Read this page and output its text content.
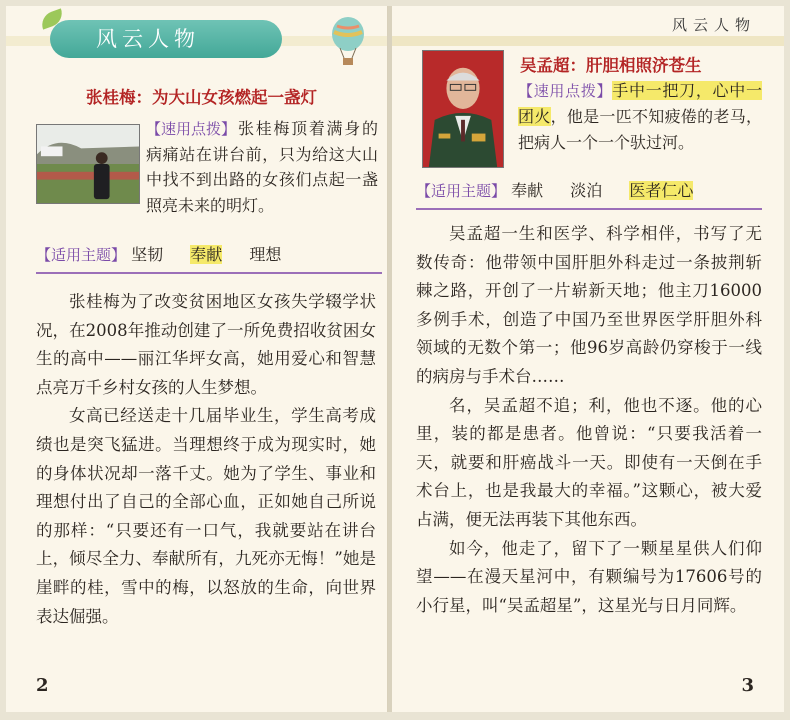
风云人物
张桂梅：为大山女孩燃起一盏灯
【速用点拨】 张桂梅顶着满身的病痛站在讲台前，只为给这大山中找不到出路的女孩们点起一盏照亮未来的明灯。
【适用主题】 坚韧 奉献 理想

张桂梅为了改变贫困地区女孩失学辍学状况，在2008年推动创建了一所免费招收贫困女生的高中——丽江华坪女高，她用爱心和智慧点亮万千乡村女孩的人生梦想。

女高已经送走十几届毕业生，学生高考成绩也是突飞猛进。当理想终于成为现实时，她的身体状况却一落千丈。她为了学生、事业和理想付出了自己的全部心血，正如她自己所说的那样：“只要还有一口气，我就要站在讲台上，倾尽全力、奉献所有，九死亦无悔！”她是崖畔的桂，雪中的梅，以怒放的生命，向世界表达倔强。

2
风云人物
吴孟超：肝胆相照济苍生
【速用点拨】手中一把刀，心中一团火，他是一匹不知疲倦的老马，把病人一个一个驮过河。
【适用主题】 奉献 淡泊 医者仁心

吴孟超一生和医学、科学相伴，书写了无数传奇：他带领中国肝胆外科走过一条披荆斩棘之路，开创了一片崭新天地；他主刀16000多例手术，创造了中国乃至世界医学肝胆外科领域的无数个第一；他96岁高龄仍穿梭于一线的病房与手术台……

名，吴孟超不追；利，他也不逐。他的心里，装的都是患者。他曾说：“只要我活着一天，就要和肝癌战斗一天。即使有一天倒在手术台上，也是我最大的幸福。”这颗心，被大爱占满，便无法再装下其他东西。

如今，他走了，留下了一颗星星供人们仰望——在漫天星河中，有颗编号为17606号的小行星，叫“吴孟超星”，这星光与日月同辉。

3
